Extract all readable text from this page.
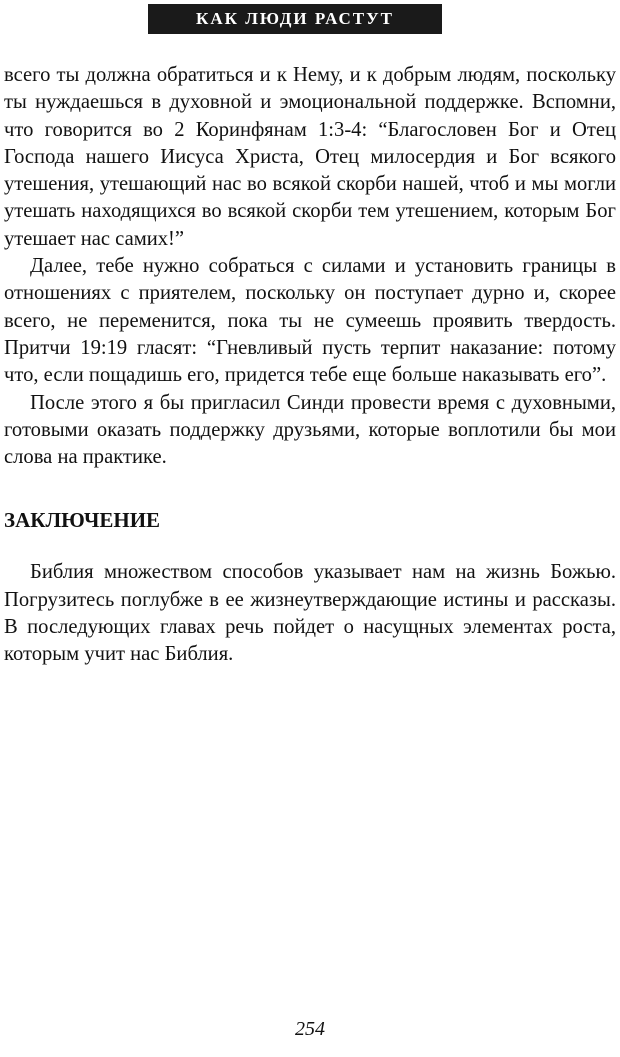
КАК ЛЮДИ РАСТУТ

всего ты должна обратиться и к Нему, и к добрым людям, поскольку ты нуждаешься в духовной и эмоциональной поддержке. Вспомни, что говорится во 2 Коринфянам 1:3-4: “Благословен Бог и Отец Господа нашего Иисуса Христа, Отец милосердия и Бог всякого утешения, утешающий нас во всякой скорби нашей, чтоб и мы могли утешать находящихся во всякой скорби тем утешением, которым Бог утешает нас самих!”

Далее, тебе нужно собраться с силами и установить границы в отношениях с приятелем, поскольку он поступает дурно и, скорее всего, не переменится, пока ты не сумеешь проявить твердость. Притчи 19:19 гласят: “Гневливый пусть терпит наказание: потому что, если пощадишь его, придется тебе еще больше наказывать его”.

После этого я бы пригласил Синди провести время с духовными, готовыми оказать поддержку друзьями, которые воплотили бы мои слова на практике.

ЗАКЛЮЧЕНИЕ

Библия множеством способов указывает нам на жизнь Божью. Погрузитесь поглубже в ее жизнеутверждающие истины и рассказы. В последующих главах речь пойдет о насущных элементах роста, которым учит нас Библия.

254
